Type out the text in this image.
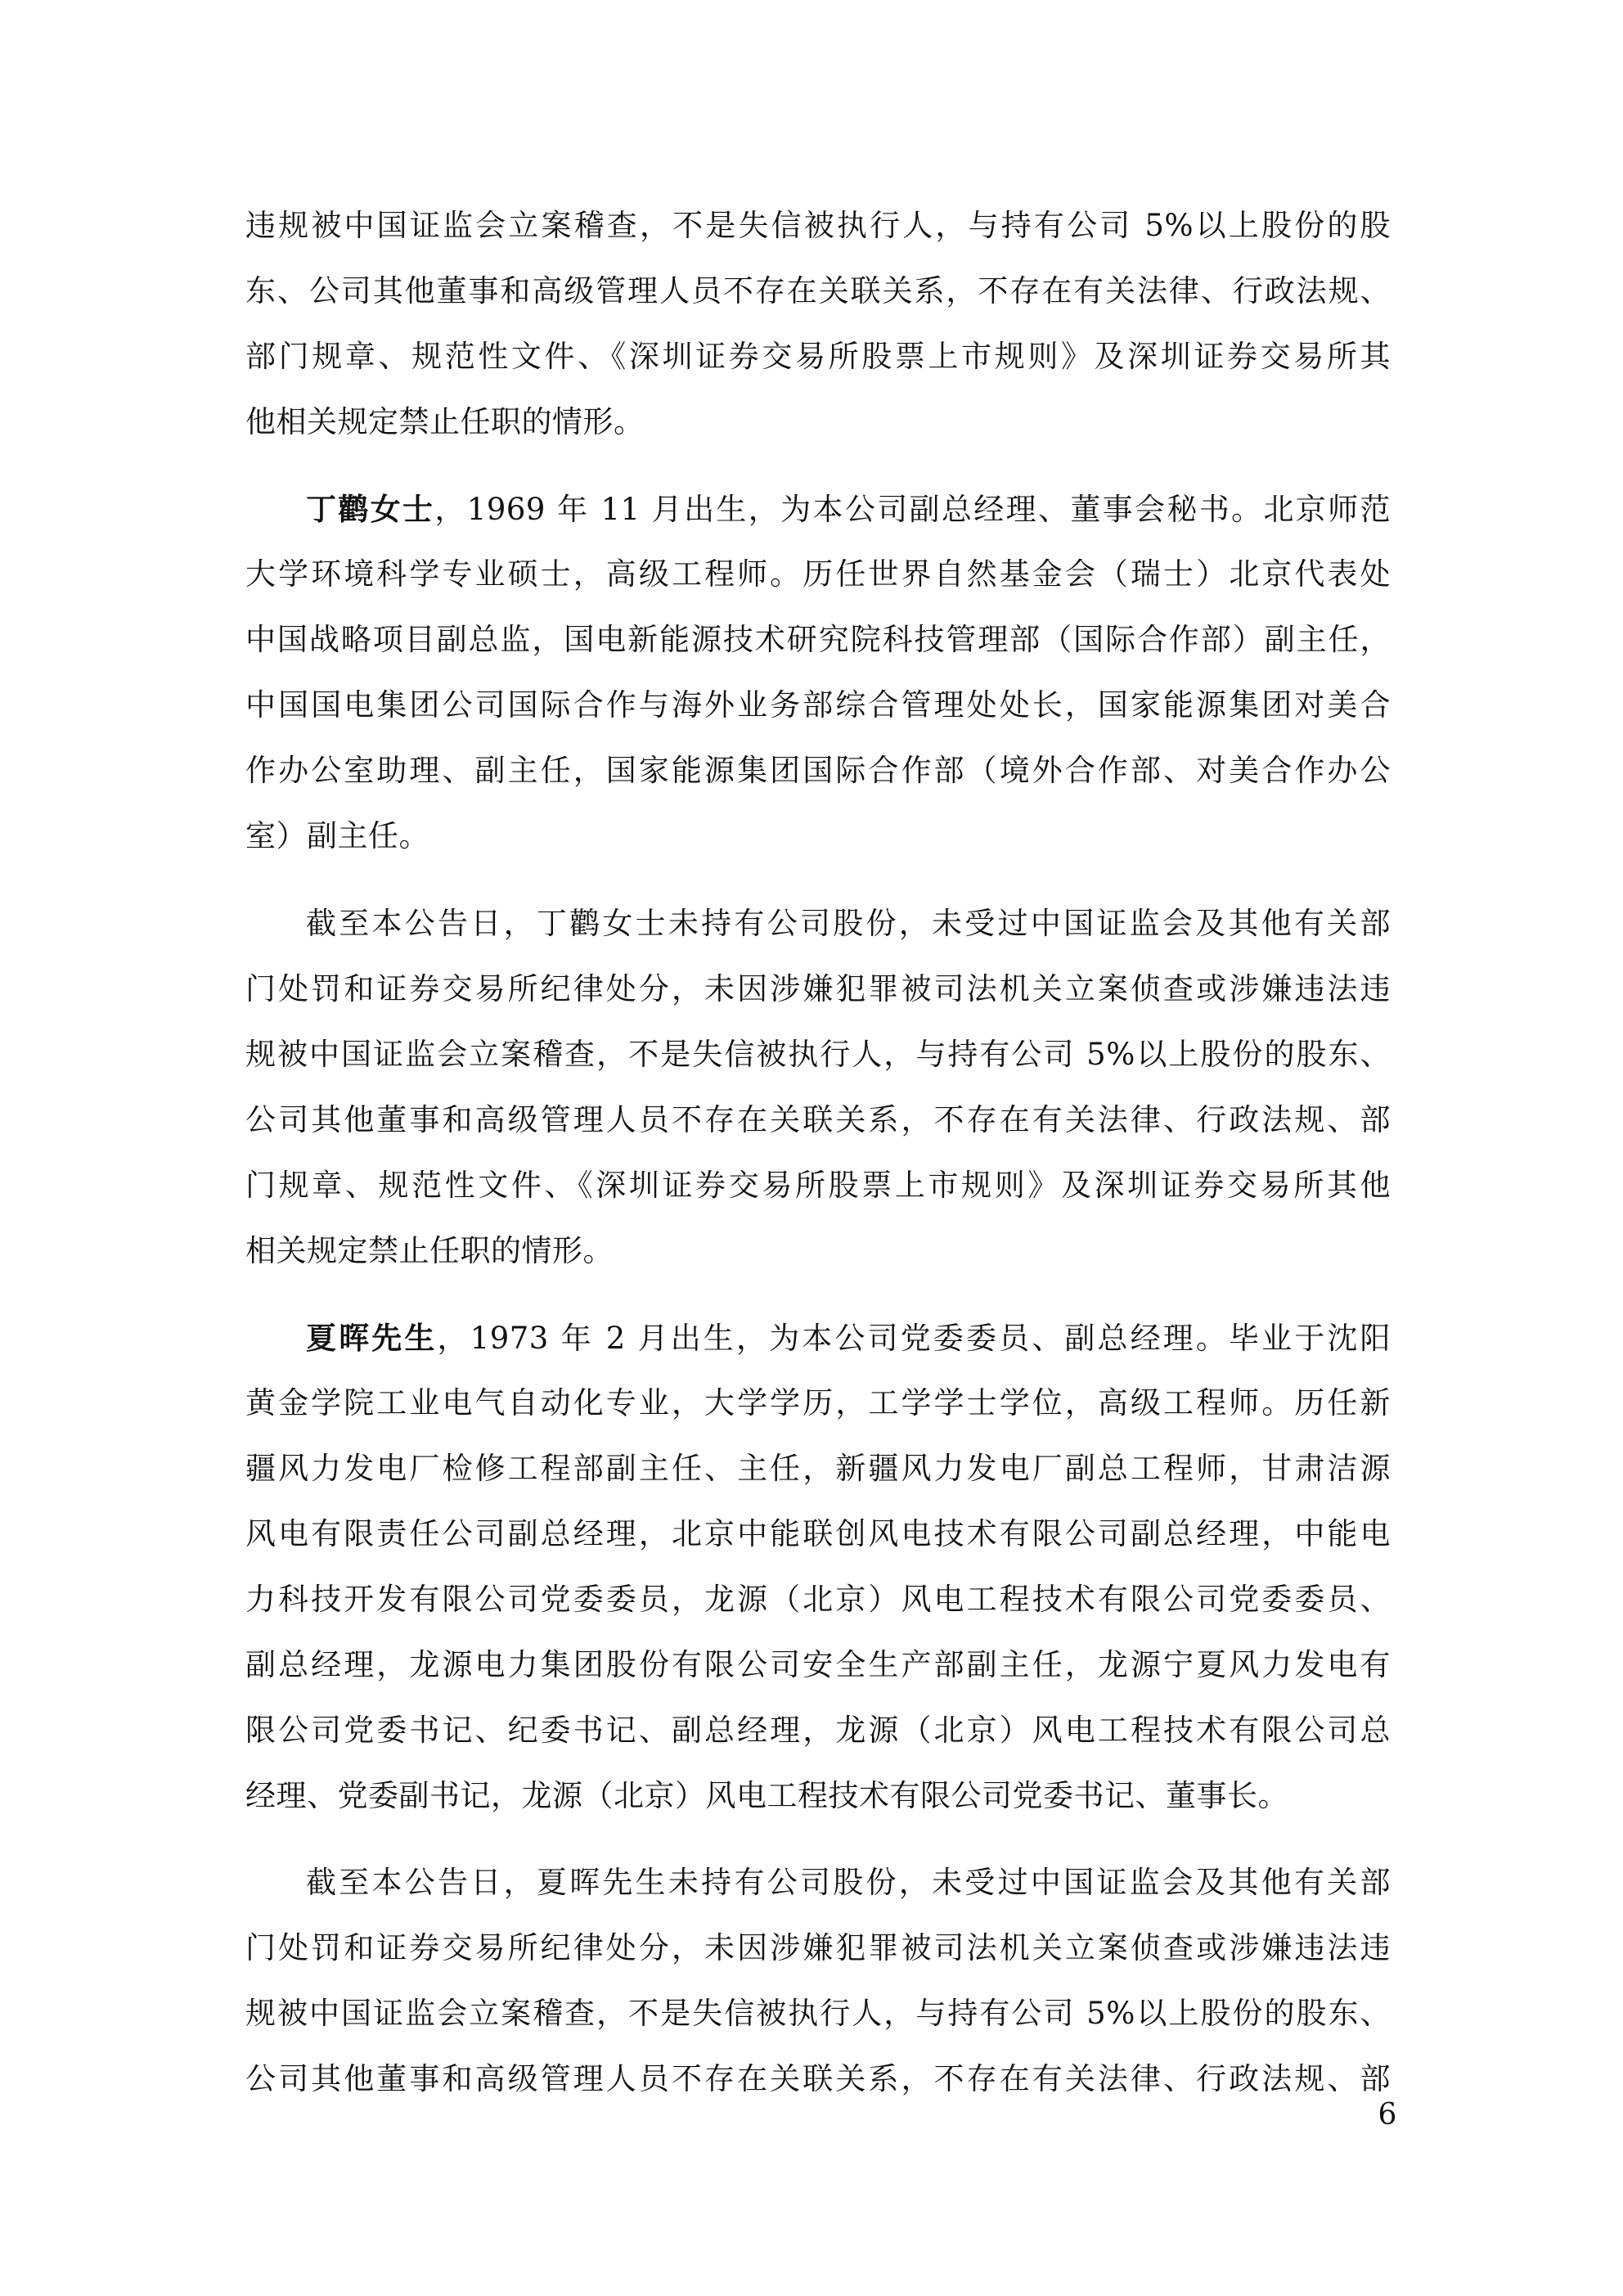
违规被中国证监会立案稽查，不是失信被执行人，与持有公司 5%以上股份的股
东、公司其他董事和高级管理人员不存在关联关系，不存在有关法律、行政法规、
部门规章、规范性文件、《深圳证券交易所股票上市规则》及深圳证券交易所其
他相关规定禁止任职的情形。
丁鹳女士，1969 年 11 月出生，为本公司副总经理、董事会秘书。北京师范
大学环境科学专业硕士，高级工程师。历任世界自然基金会（瑞士）北京代表处
中国战略项目副总监，国电新能源技术研究院科技管理部（国际合作部）副主任，
中国国电集团公司国际合作与海外业务部综合管理处处长，国家能源集团对美合
作办公室助理、副主任，国家能源集团国际合作部（境外合作部、对美合作办公
室）副主任。
截至本公告日，丁鹳女士未持有公司股份，未受过中国证监会及其他有关部
门处罚和证券交易所纪律处分，未因涉嫌犯罪被司法机关立案侦查或涉嫌违法违
规被中国证监会立案稽查，不是失信被执行人，与持有公司 5%以上股份的股东、
公司其他董事和高级管理人员不存在关联关系，不存在有关法律、行政法规、部
门规章、规范性文件、《深圳证券交易所股票上市规则》及深圳证券交易所其他
相关规定禁止任职的情形。
夏晖先生，1973 年 2 月出生，为本公司党委委员、副总经理。毕业于沈阳
黄金学院工业电气自动化专业，大学学历，工学学士学位，高级工程师。历任新
疆风力发电厂检修工程部副主任、主任，新疆风力发电厂副总工程师，甘肃洁源
风电有限责任公司副总经理，北京中能联创风电技术有限公司副总经理，中能电
力科技开发有限公司党委委员，龙源（北京）风电工程技术有限公司党委委员、
副总经理，龙源电力集团股份有限公司安全生产部副主任，龙源宁夏风力发电有
限公司党委书记、纪委书记、副总经理，龙源（北京）风电工程技术有限公司总
经理、党委副书记，龙源（北京）风电工程技术有限公司党委书记、董事长。
截至本公告日，夏晖先生未持有公司股份，未受过中国证监会及其他有关部
门处罚和证券交易所纪律处分，未因涉嫌犯罪被司法机关立案侦查或涉嫌违法违
规被中国证监会立案稽查，不是失信被执行人，与持有公司 5%以上股份的股东、
公司其他董事和高级管理人员不存在关联关系，不存在有关法律、行政法规、部
6
